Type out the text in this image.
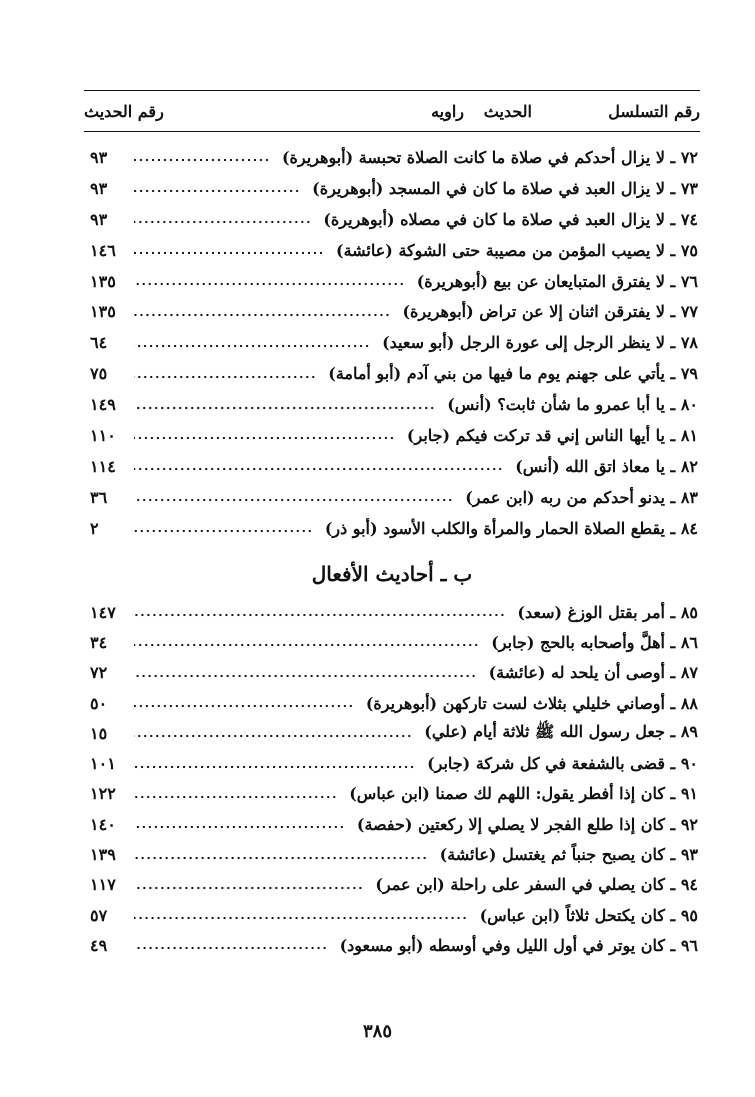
رقم التسلسل
الحديث
راويه
رقم الحديث
٧٢ ـ لا يزال أحدكم في صلاة ما كانت الصلاة تحبسة (أبوهريرة)
٩٣
٧٣ ـ لا يزال العبد في صلاة ما كان في المسجد (أبوهريرة)
٩٣
٧٤ ـ لا يزال العبد في صلاة ما كان في مصلاه (أبوهريرة)
٩٣
٧٥ ـ لا يصيب المؤمن من مصيبة حتى الشوكة (عائشة)
١٤٦
٧٦ ـ لا يفترق المتبايعان عن بيع (أبوهريرة)
١٣٥
٧٧ ـ لا يفترقن اثنان إلا عن تراض (أبوهريرة)
١٣٥
٧٨ ـ لا ينظر الرجل إلى عورة الرجل (أبو سعيد)
٦٤
٧٩ ـ يأتي على جهنم يوم ما فيها من بني آدم (أبو أمامة)
٧٥
٨٠ ـ يا أبا عمرو ما شأن ثابت؟ (أنس)
١٤٩
٨١ ـ يا أيها الناس إني قد تركت فيكم (جابر)
١١٠
٨٢ ـ يا معاذ اتق الله (أنس)
١١٤
٨٣ ـ يدنو أحدكم من ربه (ابن عمر)
٣٦
٨٤ ـ يقطع الصلاة الحمار والمرأة والكلب الأسود (أبو ذر)
٢
ب ـ أحاديث الأفعال
٨٥ ـ أمر بقتل الوزغ (سعد)
١٤٧
٨٦ ـ أهلَّ وأصحابه بالحج (جابر)
٣٤
٨٧ ـ أوصى أن يلحد له (عائشة)
٧٢
٨٨ ـ أوصاني خليلي بثلاث لست تاركهن (أبوهريرة)
٥٠
٨٩ ـ جعل رسول الله ﷺ ثلاثة أيام (علي)
١٥
٩٠ ـ قضى بالشفعة في كل شركة (جابر)
١٠١
٩١ ـ كان إذا أفطر يقول: اللهم لك صمنا (ابن عباس)
١٢٢
٩٢ ـ كان إذا طلع الفجر لا يصلي إلا ركعتين (حفصة)
١٤٠
٩٣ ـ كان يصبح جنباً ثم يغتسل (عائشة)
١٣٩
٩٤ ـ كان يصلي في السفر على راحلة (ابن عمر)
١١٧
٩٥ ـ كان يكتحل ثلاثاً (ابن عباس)
٥٧
٩٦ ـ كان يوتر في أول الليل وفي أوسطه (أبو مسعود)
٤٩
٣٨٥
